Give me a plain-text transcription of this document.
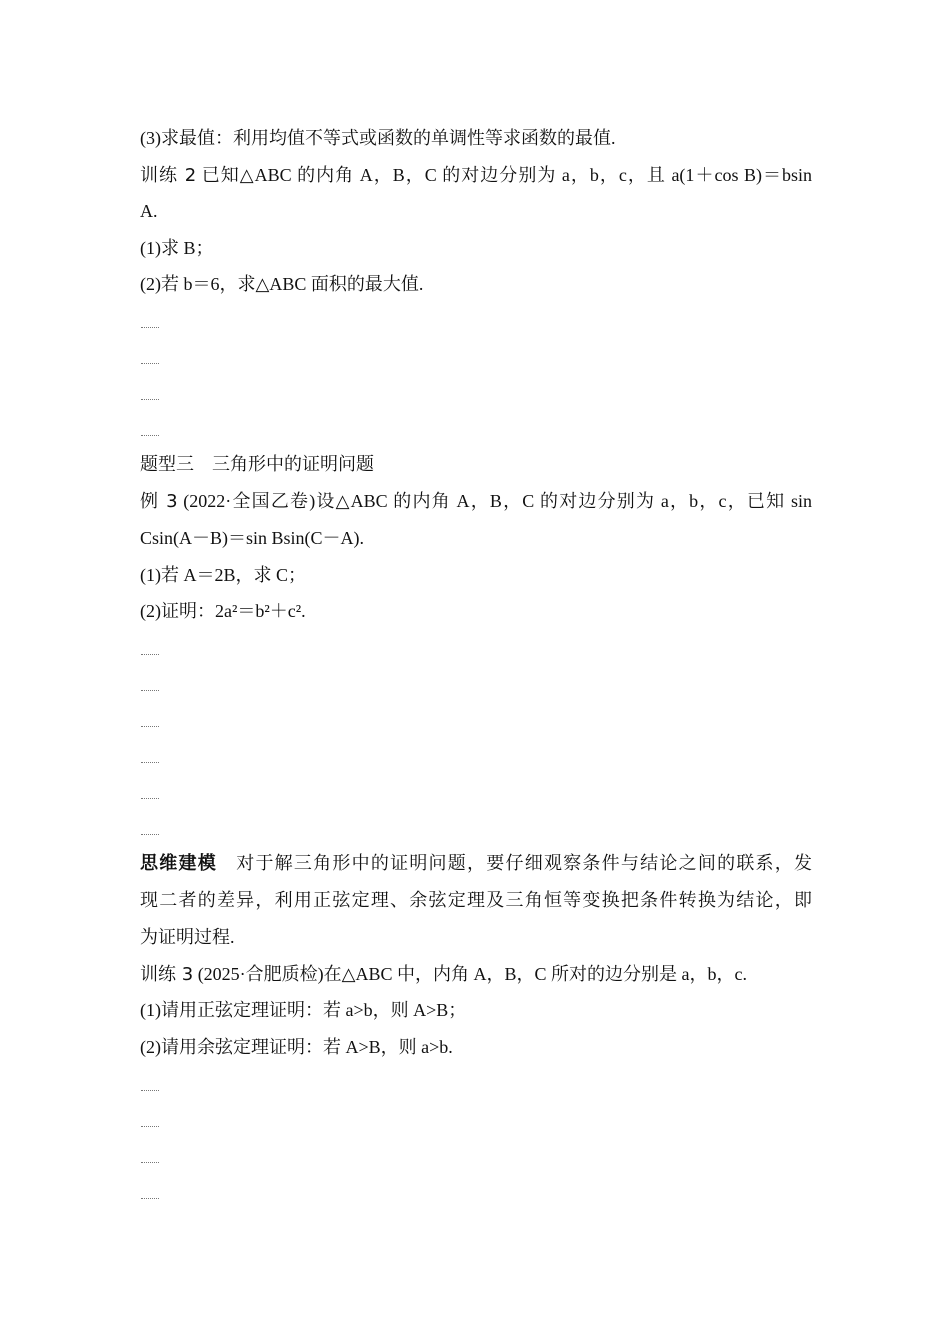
(3)求最值：利用均值不等式或函数的单调性等求函数的最值.
训练 2 已知△ABC 的内角 A，B，C 的对边分别为 a，b，c，且 a(1＋cos B)＝bsin
A.
(1)求 B；
(2)若 b＝6，求△ABC 面积的最大值.
题型三　三角形中的证明问题
例 3 (2022·全国乙卷)设△ABC 的内角 A，B，C 的对边分别为 a，b，c，已知 sin
Csin(A－B)＝sin Bsin(C－A).
(1)若 A＝2B，求 C；
(2)证明：2a²＝b²＋c².
思维建模　 对于解三角形中的证明问题，要仔细观察条件与结论之间的联系，发
现二者的差异，利用正弦定理、余弦定理及三角恒等变换把条件转换为结论，即
为证明过程.
训练 3 (2025·合肥质检)在△ABC 中，内角 A，B，C 所对的边分别是 a，b，c.
(1)请用正弦定理证明：若 a>b，则 A>B；
(2)请用余弦定理证明：若 A>B，则 a>b.
